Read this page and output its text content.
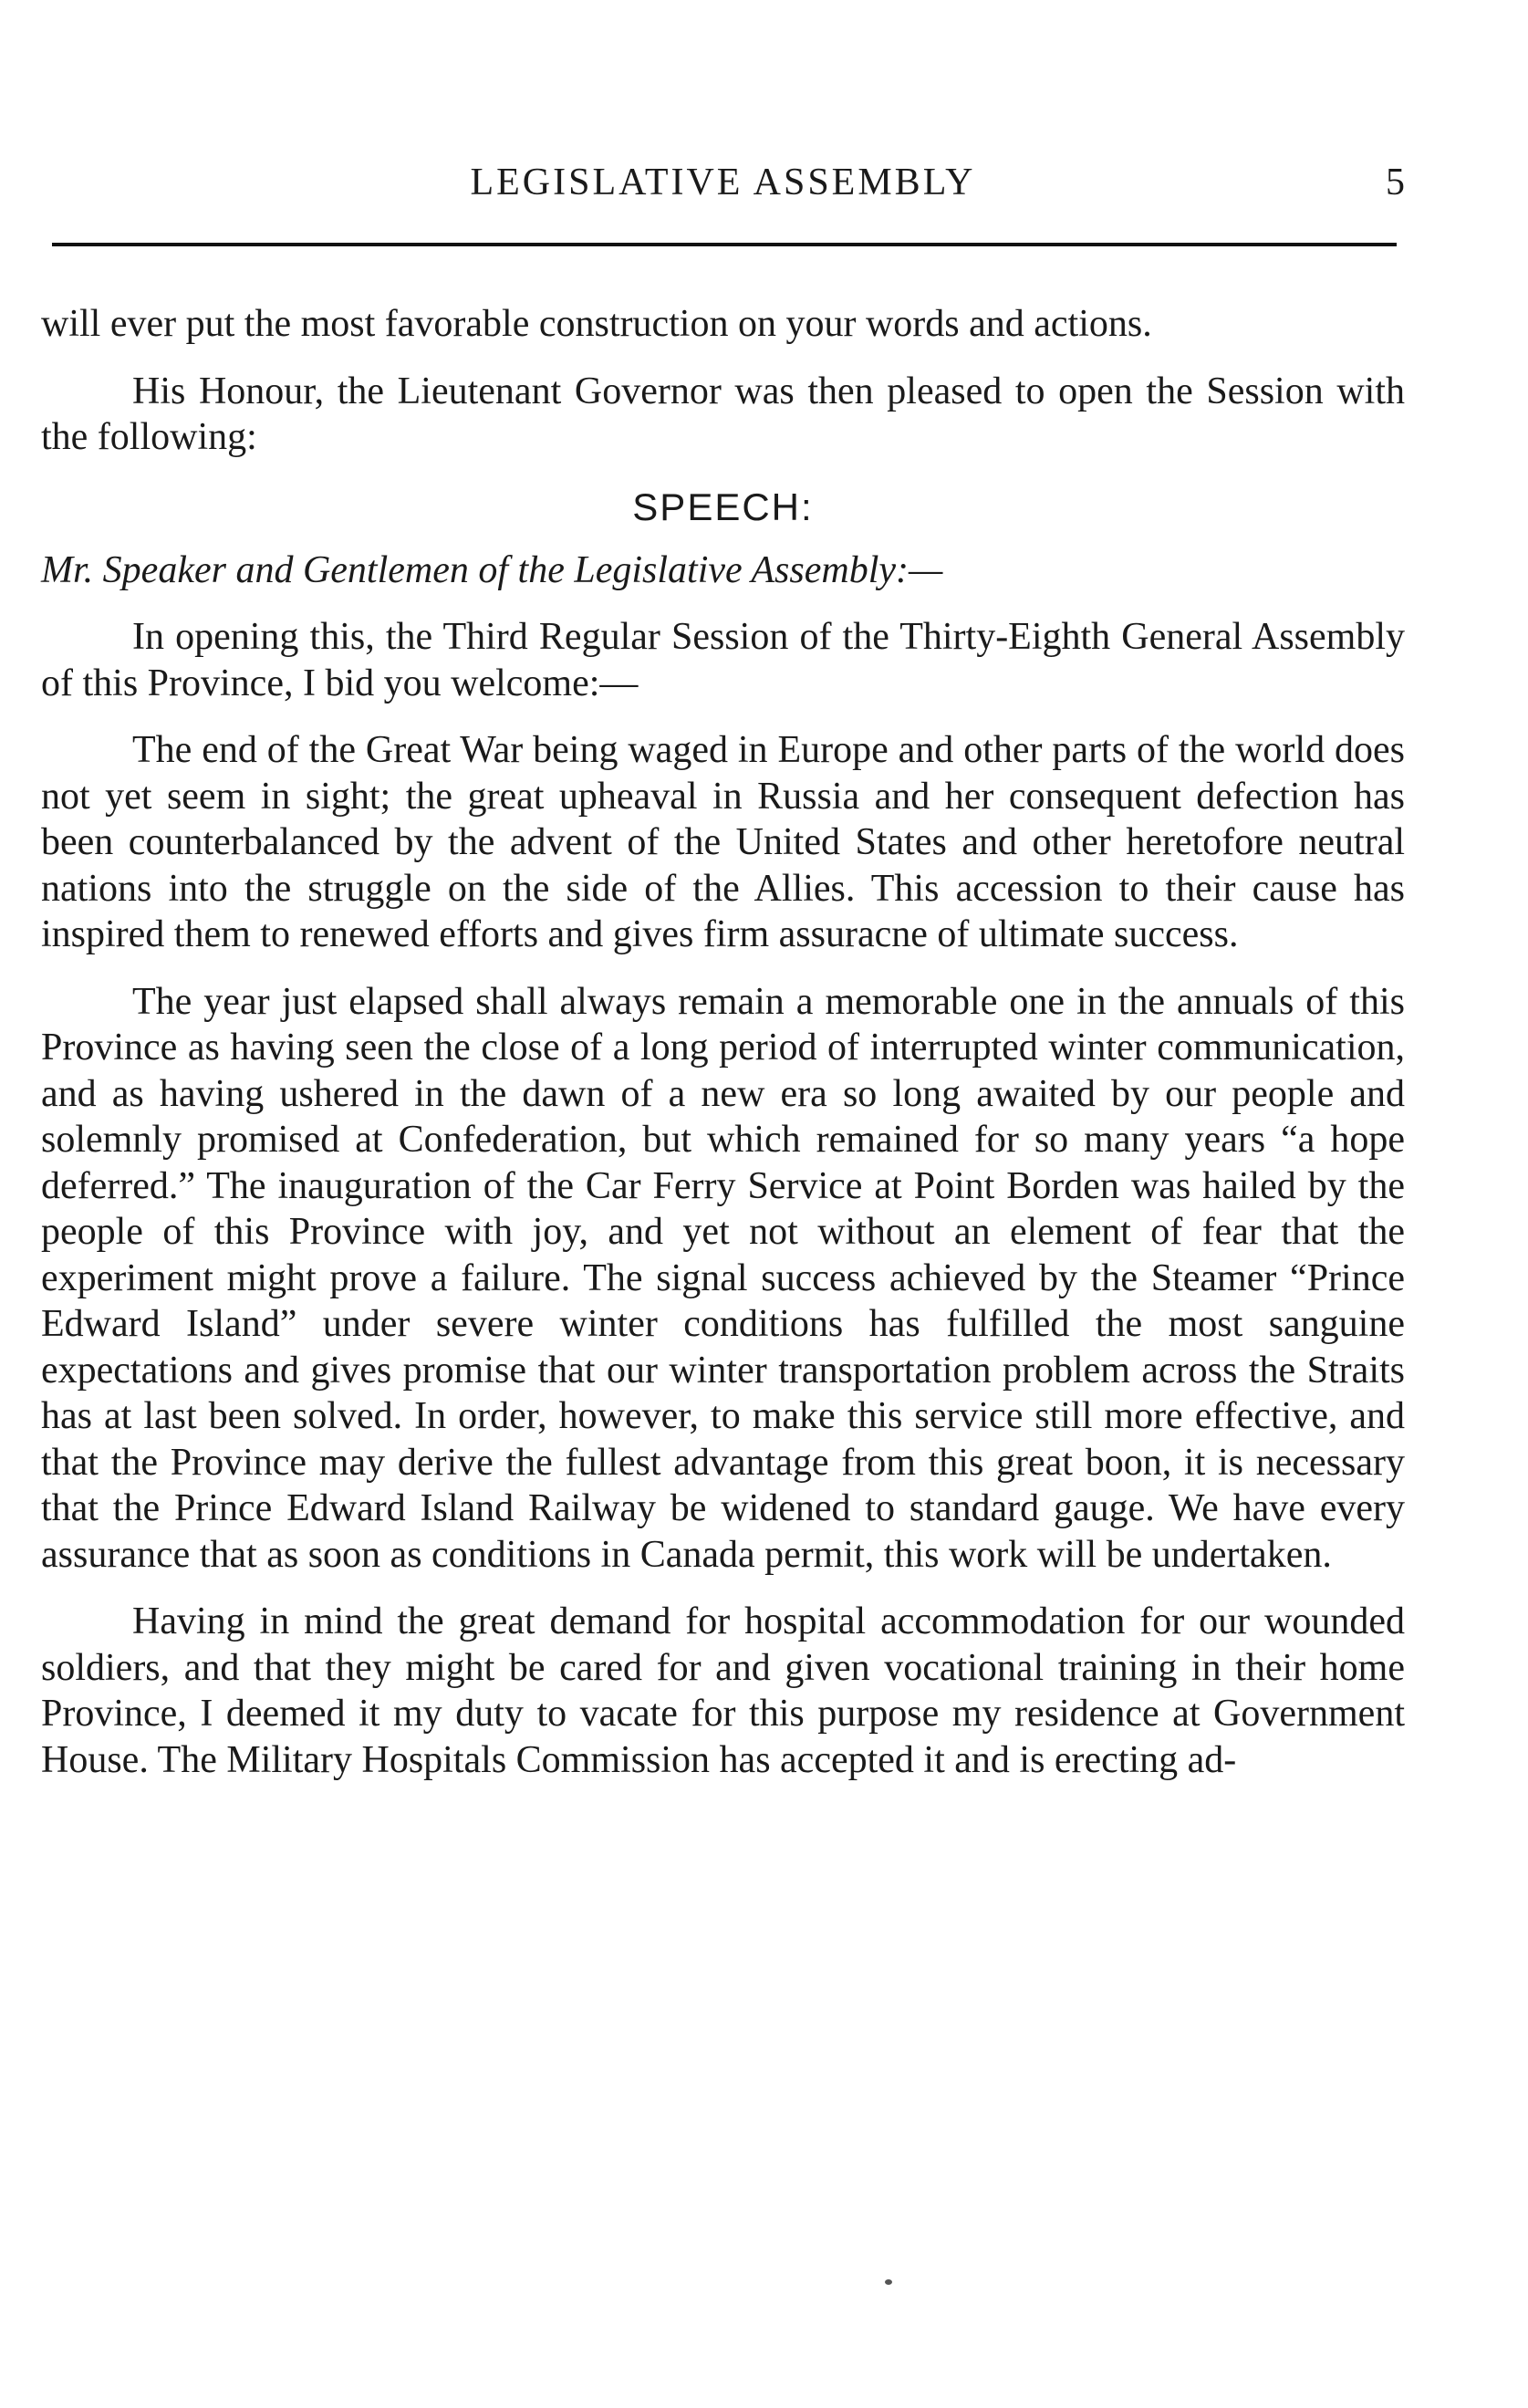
LEGISLATIVE ASSEMBLY	5

will ever put the most favorable construction on your words and actions.

His Honour, the Lieutenant Governor was then pleased to open the Session with the following:

SPEECH:

Mr. Speaker and Gentlemen of the Legislative Assembly:—

In opening this, the Third Regular Session of the Thirty-Eighth General Assembly of this Province, I bid you welcome:—

The end of the Great War being waged in Europe and other parts of the world does not yet seem in sight; the great upheaval in Russia and her consequent defection has been counterbalanced by the advent of the United States and other heretofore neutral nations into the struggle on the side of the Allies. This accession to their cause has inspired them to renewed efforts and gives firm assuracne of ultimate success.

The year just elapsed shall always remain a memorable one in the annuals of this Province as having seen the close of a long period of interrupted winter communication, and as having ushered in the dawn of a new era so long awaited by our people and solemnly promised at Confederation, but which remained for so many years “a hope deferred.” The inauguration of the Car Ferry Service at Point Borden was hailed by the people of this Province with joy, and yet not without an element of fear that the experiment might prove a failure. The signal success achieved by the Steamer “Prince Edward Island” under severe winter conditions has fulfilled the most sanguine expectations and gives promise that our winter transportation problem across the Straits has at last been solved. In order, however, to make this service still more effective, and that the Province may derive the fullest advantage from this great boon, it is necessary that the Prince Edward Island Railway be widened to standard gauge. We have every assurance that as soon as conditions in Canada permit, this work will be undertaken.

Having in mind the great demand for hospital accommodation for our wounded soldiers, and that they might be cared for and given vocational training in their home Province, I deemed it my duty to vacate for this purpose my residence at Government House. The Military Hospitals Commission has accepted it and is erecting ad-
